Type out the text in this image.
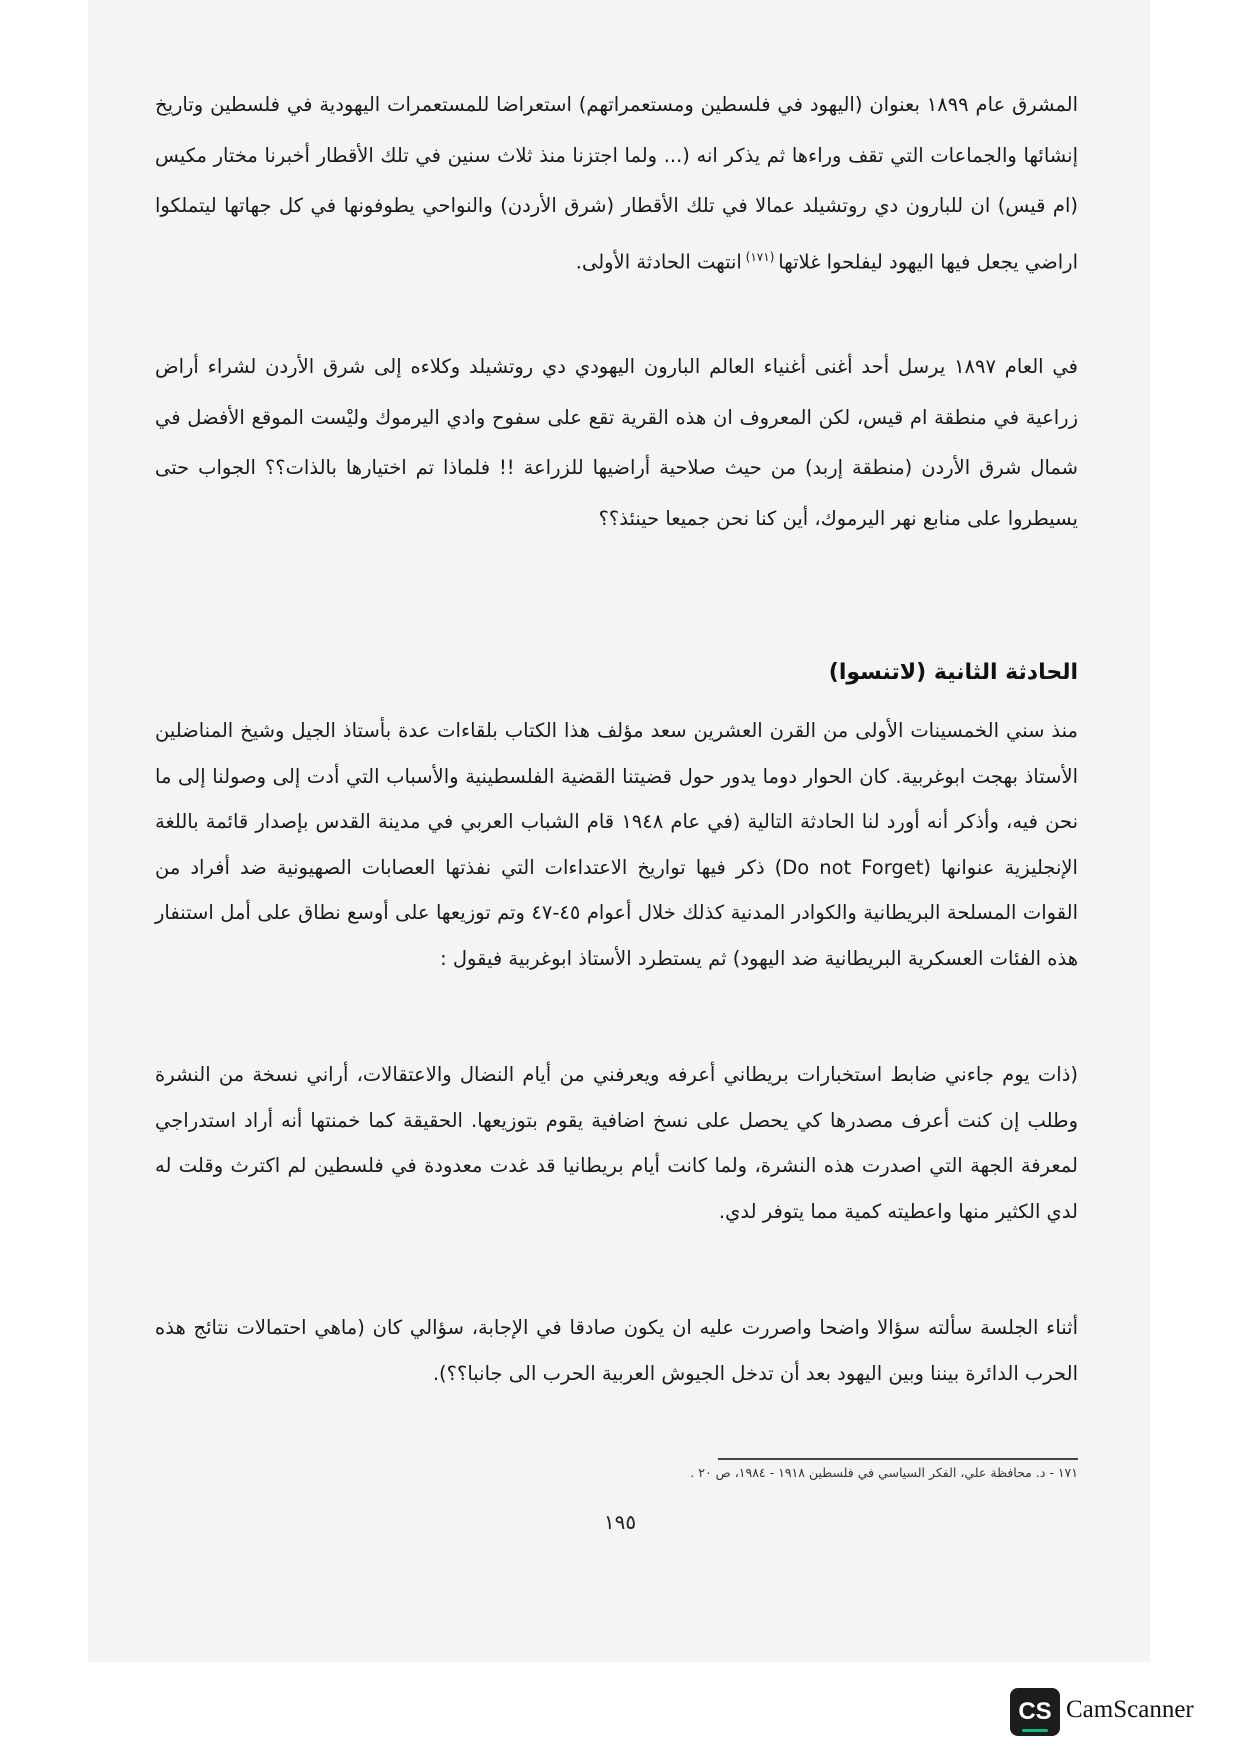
المشرق عام ١٨٩٩ بعنوان (اليهود في فلسطين ومستعمراتهم) استعراضا للمستعمرات اليهودية في فلسطين وتاريخ إنشائها والجماعات التي تقف وراءها ثم يذكر انه (... ولما اجتزنا منذ ثلاث سنين في تلك الأقطار أخبرنا مختار مكيس (ام قيس) ان للبارون دي روتشيلد عمالا في تلك الأقطار (شرق الأردن) والنواحي يطوفونها في كل جهاتها ليتملكوا اراضي يجعل فيها اليهود ليفلحوا غلاتها $^{(١٧١)}$ انتهت الحادثة الأولى.
في العام ١٨٩٧ يرسل أحد أغنى أغنياء العالم البارون اليهودي دي روتشيلد وكلاءه إلى شرق الأردن لشراء أراض زراعية في منطقة ام قيس، لكن المعروف ان هذه القرية تقع على سفوح وادي اليرموك وليْست الموقع الأفضل في شمال شرق الأردن (منطقة إربد) من حيث صلاحية أراضيها للزراعة !! فلماذا تم اختيارها بالذات؟؟ الجواب حتى يسيطروا على منابع نهر اليرموك، أين كنا نحن جميعا حينئذ؟؟
الحادثة الثانية (لاتنسوا)
منذ سني الخمسينات الأولى من القرن العشرين سعد مؤلف هذا الكتاب بلقاءات عدة بأستاذ الجيل وشيخ المناضلين الأستاذ بهجت ابوغربية. كان الحوار دوما يدور حول قضيتنا القضية الفلسطينية والأسباب التي أدت إلى وصولنا إلى ما نحن فيه، وأذكر أنه أورد لنا الحادثة التالية (في عام ١٩٤٨ قام الشباب العربي في مدينة القدس بإصدار قائمة باللغة الإنجليزية عنوانها (Do not Forget) ذكر فيها تواريخ الاعتداءات التي نفذتها العصابات الصهيونية ضد أفراد من القوات المسلحة البريطانية والكوادر المدنية كذلك خلال أعوام ٤٥-٤٧ وتم توزيعها على أوسع نطاق على أمل استنفار هذه الفئات العسكرية البريطانية ضد اليهود) ثم يستطرد الأستاذ ابوغربية فيقول :
(ذات يوم جاءني ضابط استخبارات بريطاني أعرفه ويعرفني من أيام النضال والاعتقالات، أراني نسخة من النشرة وطلب إن كنت أعرف مصدرها كي يحصل على نسخ اضافية يقوم بتوزيعها. الحقيقة كما خمنتها أنه أراد استدراجي لمعرفة الجهة التي اصدرت هذه النشرة، ولما كانت أيام بريطانيا قد غدت معدودة في فلسطين لم اكترث وقلت له لدي الكثير منها واعطيته كمية مما يتوفر لدي.
أثناء الجلسة سألته سؤالا واضحا واصررت عليه ان يكون صادقا في الإجابة، سؤالي كان (ماهي احتمالات نتائج هذه الحرب الدائرة بيننا وبين اليهود بعد أن تدخل الجيوش العربية الحرب الى جانبا؟؟).
١٧١ - د. محافظة علي، الفكر السياسي في فلسطين ١٩١٨ - ١٩٨٤، ص ٢٠ .
١٩٥
CS CamScanner
